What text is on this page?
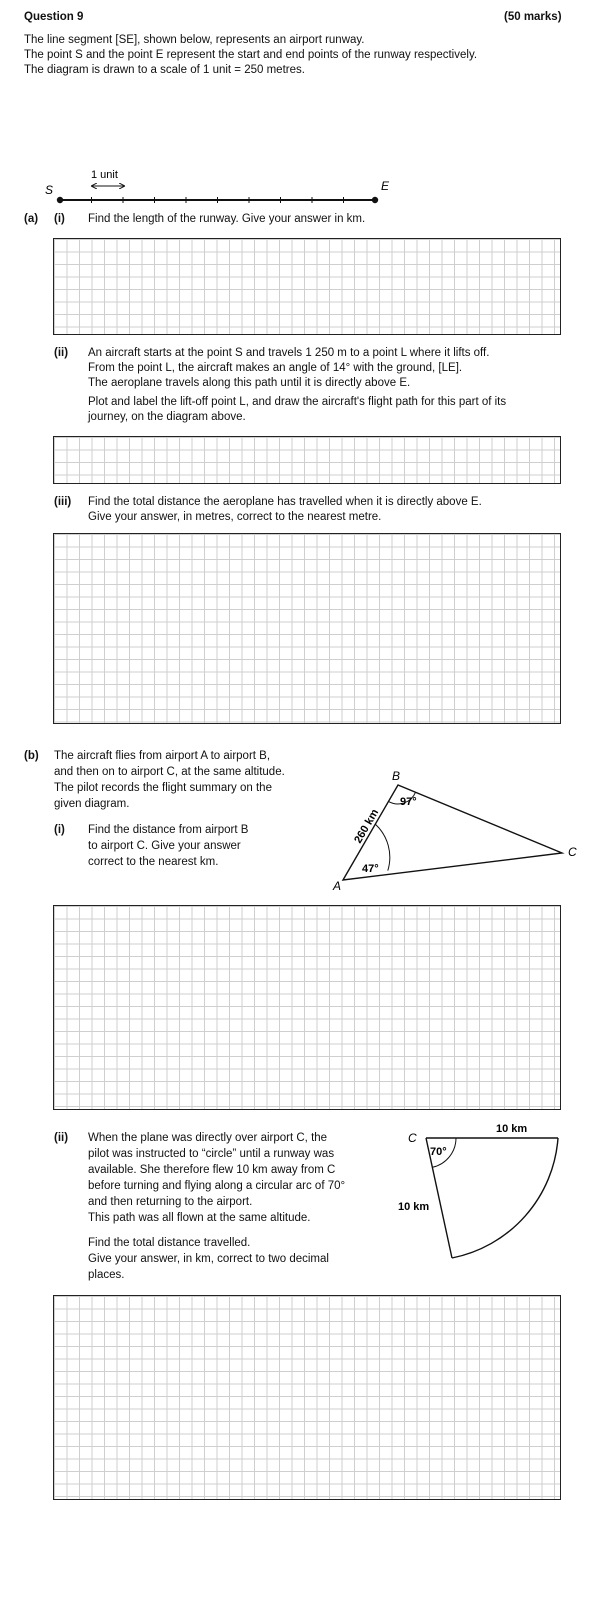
Question 9	(50 marks)
The line segment [SE], shown below, represents an airport runway.
The point S and the point E represent the start and end points of the runway respectively.
The diagram is drawn to a scale of 1 unit = 250 metres.
1 unit
S	E
(a) (i) Find the length of the runway. Give your answer in km.
(ii) An aircraft starts at the point S and travels 1 250 m to a point L where it lifts off.
From the point L, the aircraft makes an angle of 14° with the ground, [LE].
The aeroplane travels along this path until it is directly above E.
Plot and label the lift-off point L, and draw the aircraft's flight path for this part of its
journey, on the diagram above.
(iii) Find the total distance the aeroplane has travelled when it is directly above E.
Give your answer, in metres, correct to the nearest metre.
(b) The aircraft flies from airport A to airport B,
and then on to airport C, at the same altitude.
The pilot records the flight summary on the
given diagram.
(i) Find the distance from airport B
to airport C. Give your answer
correct to the nearest km.
A
B
C
260 km
47°
97°
(ii) When the plane was directly over airport C, the
pilot was instructed to “circle” until a runway was
available. She therefore flew 10 km away from C
before turning and flying along a circular arc of 70°
and then returning to the airport.
This path was all flown at the same altitude.
Find the total distance travelled.
Give your answer, in km, correct to two decimal
places.
C
70°
10 km
10 km
